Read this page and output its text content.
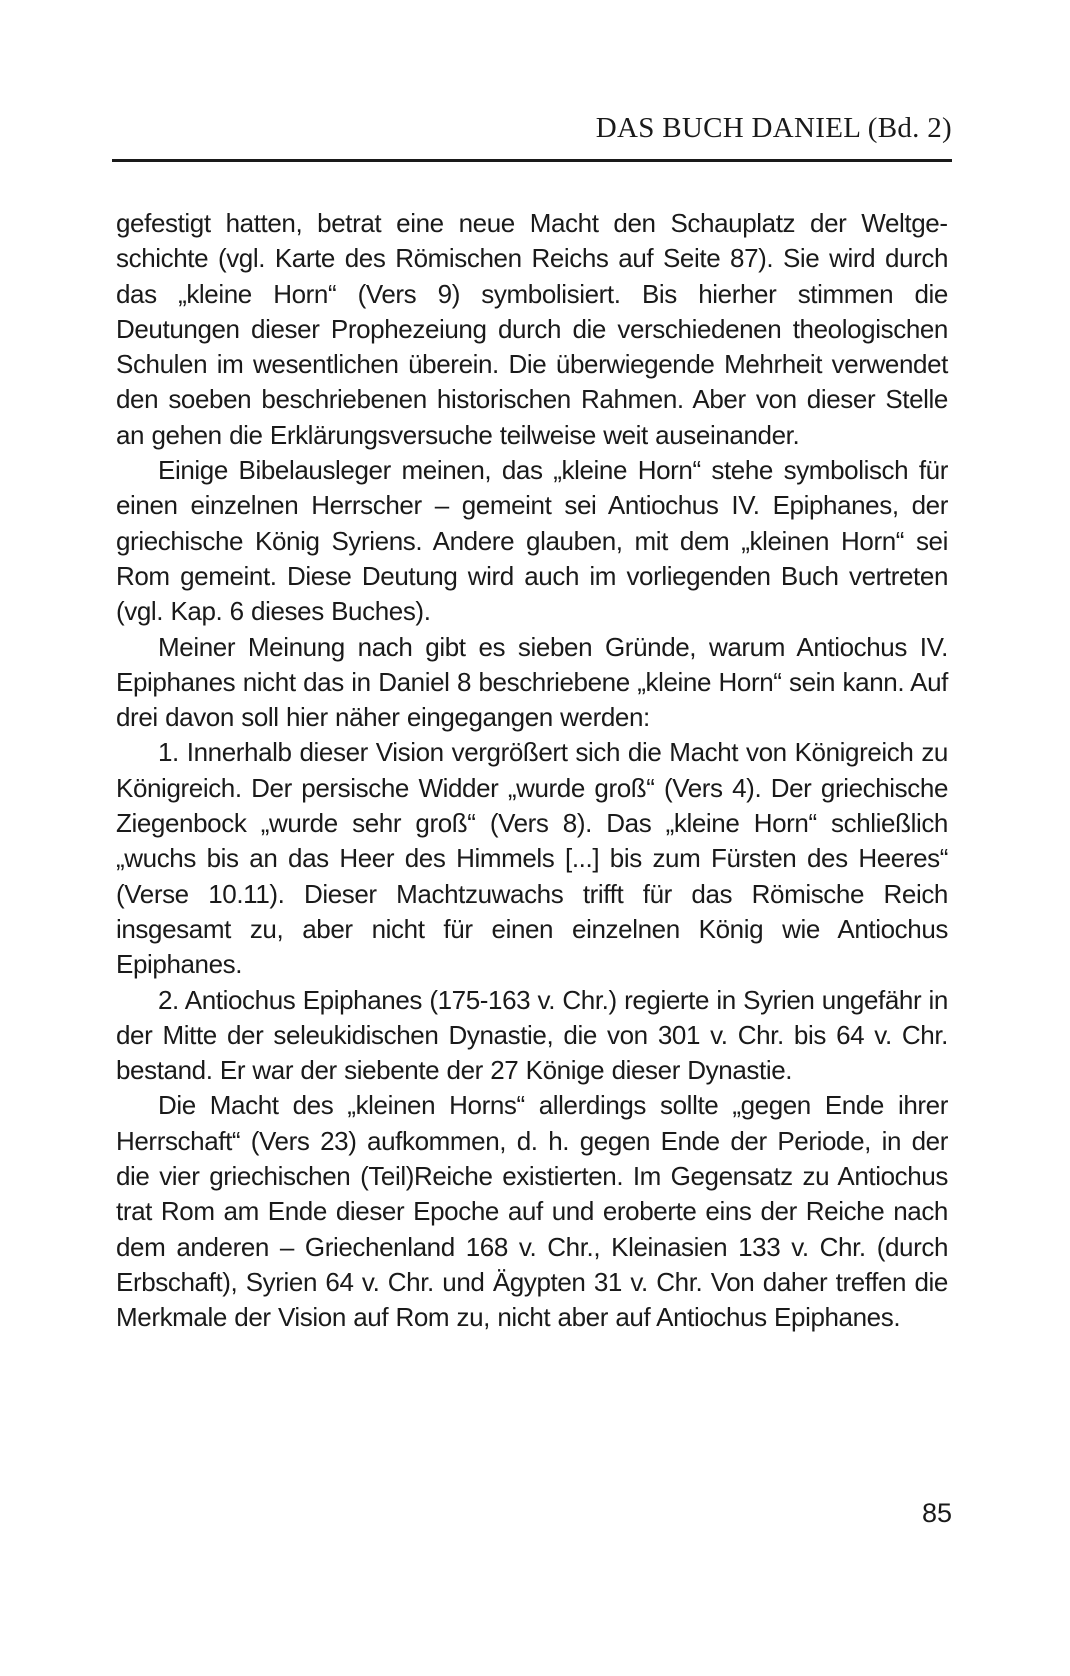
DAS BUCH DANIEL (Bd. 2)

gefestigt hatten, betrat eine neue Macht den Schauplatz der Weltgeschichte (vgl. Karte des Römischen Reichs auf Seite 87). Sie wird durch das „kleine Horn“ (Vers 9) symbolisiert. Bis hierher stimmen die Deutungen dieser Prophezeiung durch die verschiedenen theologischen Schulen im wesentlichen überein. Die überwiegende Mehrheit verwendet den soeben beschriebenen historischen Rahmen. Aber von dieser Stelle an gehen die Erklärungsversuche teilweise weit auseinander.

Einige Bibelausleger meinen, das „kleine Horn“ stehe symbolisch für einen einzelnen Herrscher – gemeint sei Antiochus IV. Epiphanes, der griechische König Syriens. Andere glauben, mit dem „kleinen Horn“ sei Rom gemeint. Diese Deutung wird auch im vorliegenden Buch vertreten (vgl. Kap. 6 dieses Buches).

Meiner Meinung nach gibt es sieben Gründe, warum Antiochus IV. Epiphanes nicht das in Daniel 8 beschriebene „kleine Horn“ sein kann. Auf drei davon soll hier näher eingegangen werden:

1. Innerhalb dieser Vision vergrößert sich die Macht von Königreich zu Königreich. Der persische Widder „wurde groß“ (Vers 4). Der griechische Ziegenbock „wurde sehr groß“ (Vers 8). Das „kleine Horn“ schließlich „wuchs bis an das Heer des Himmels [...] bis zum Fürsten des Heeres“ (Verse 10.11). Dieser Machtzuwachs trifft für das Römische Reich insgesamt zu, aber nicht für einen einzelnen König wie Antiochus Epiphanes.

2. Antiochus Epiphanes (175-163 v. Chr.) regierte in Syrien ungefähr in der Mitte der seleukidischen Dynastie, die von 301 v. Chr. bis 64 v. Chr. bestand. Er war der siebente der 27 Könige dieser Dynastie.

Die Macht des „kleinen Horns“ allerdings sollte „gegen Ende ihrer Herrschaft“ (Vers 23) aufkommen, d. h. gegen Ende der Periode, in der die vier griechischen (Teil)Reiche existierten. Im Gegensatz zu Antiochus trat Rom am Ende dieser Epoche auf und eroberte eins der Reiche nach dem anderen – Griechenland 168 v. Chr., Kleinasien 133 v. Chr. (durch Erbschaft), Syrien 64 v. Chr. und Ägypten 31 v. Chr. Von daher treffen die Merkmale der Vision auf Rom zu, nicht aber auf Antiochus Epiphanes.

85
